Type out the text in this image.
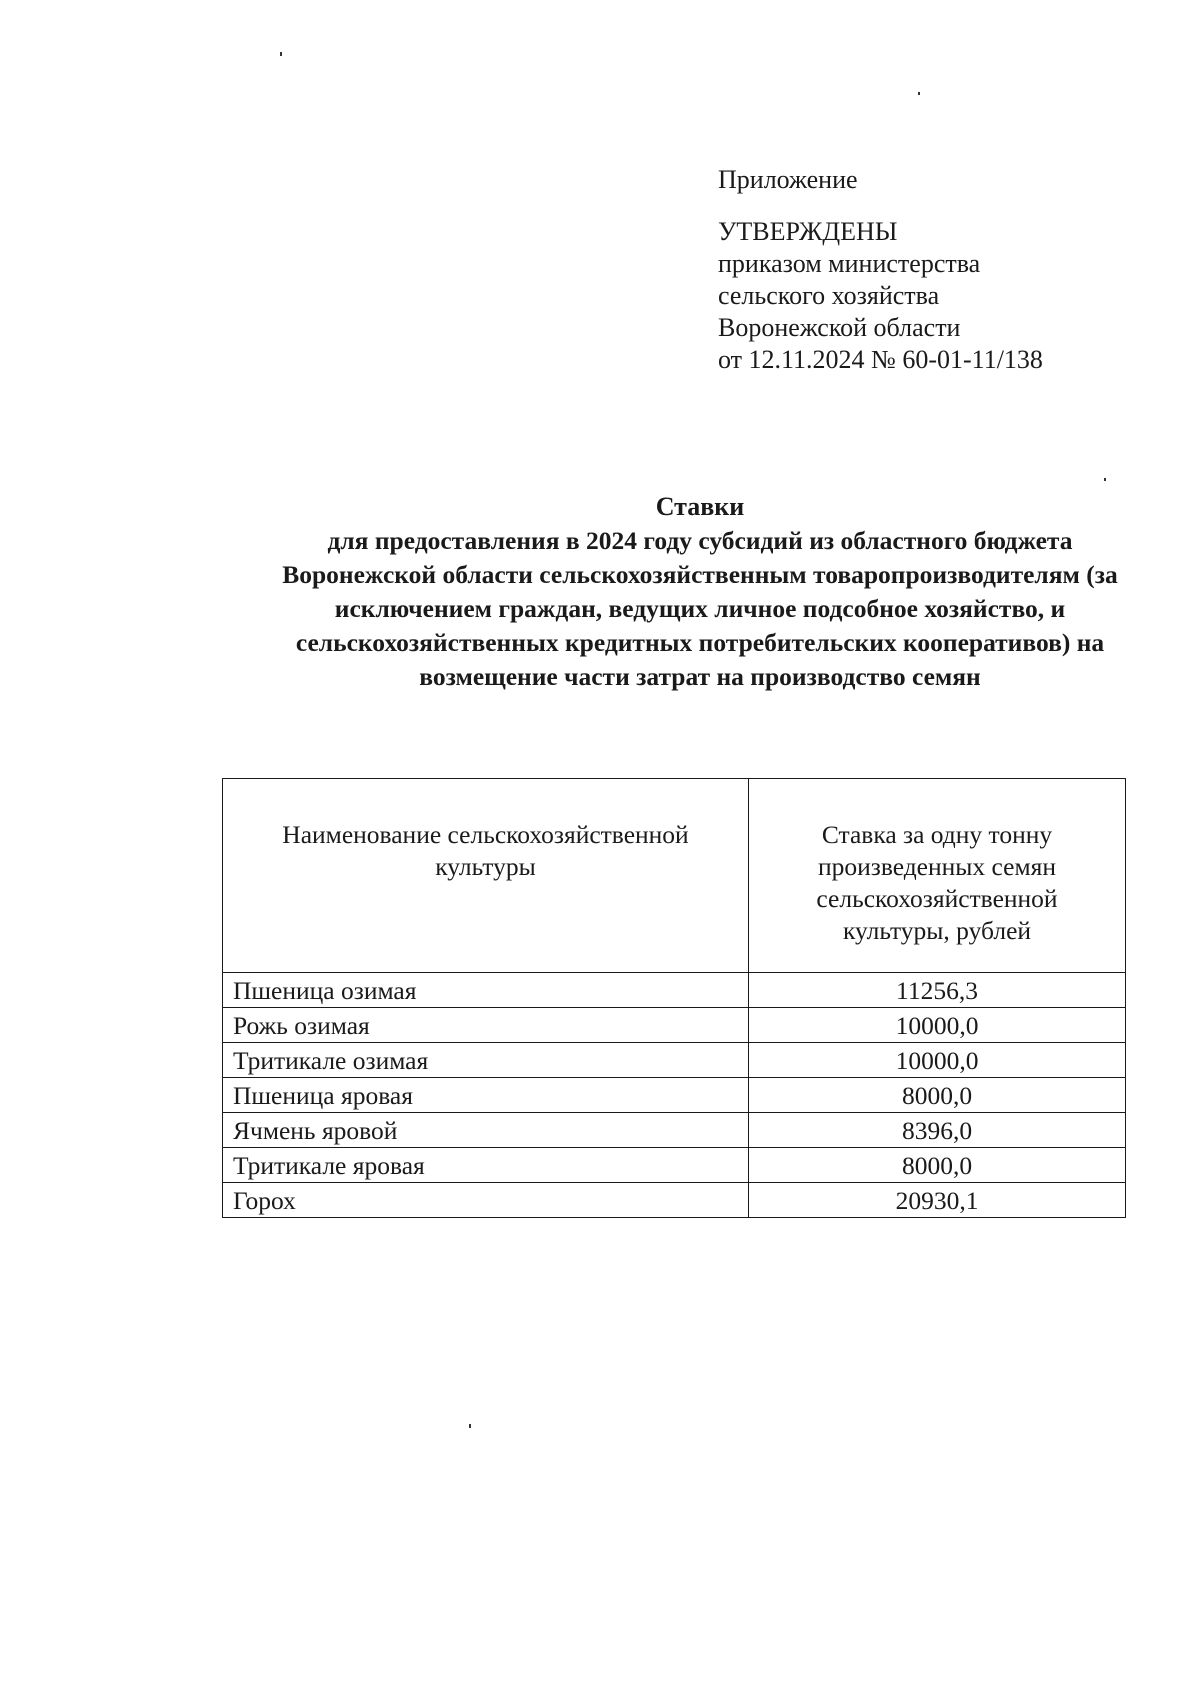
Приложение
УТВЕРЖДЕНЫ
приказом министерства
сельского хозяйства
Воронежской области
от 12.11.2024 № 60-01-11/138
Ставки
для предоставления в 2024 году субсидий из областного бюджета
Воронежской области сельскохозяйственным товаропроизводителям (за
исключением граждан, ведущих личное подсобное хозяйство, и
сельскохозяйственных кредитных потребительских кооперативов) на
возмещение части затрат на производство семян
Наименование сельскохозяйственной культуры	Ставка за одну тонну произведенных семян сельскохозяйственной культуры, рублей
Пшеница озимая	11256,3
Рожь озимая	10000,0
Тритикале озимая	10000,0
Пшеница яровая	8000,0
Ячмень яровой	8396,0
Тритикале яровая	8000,0
Горох	20930,1
